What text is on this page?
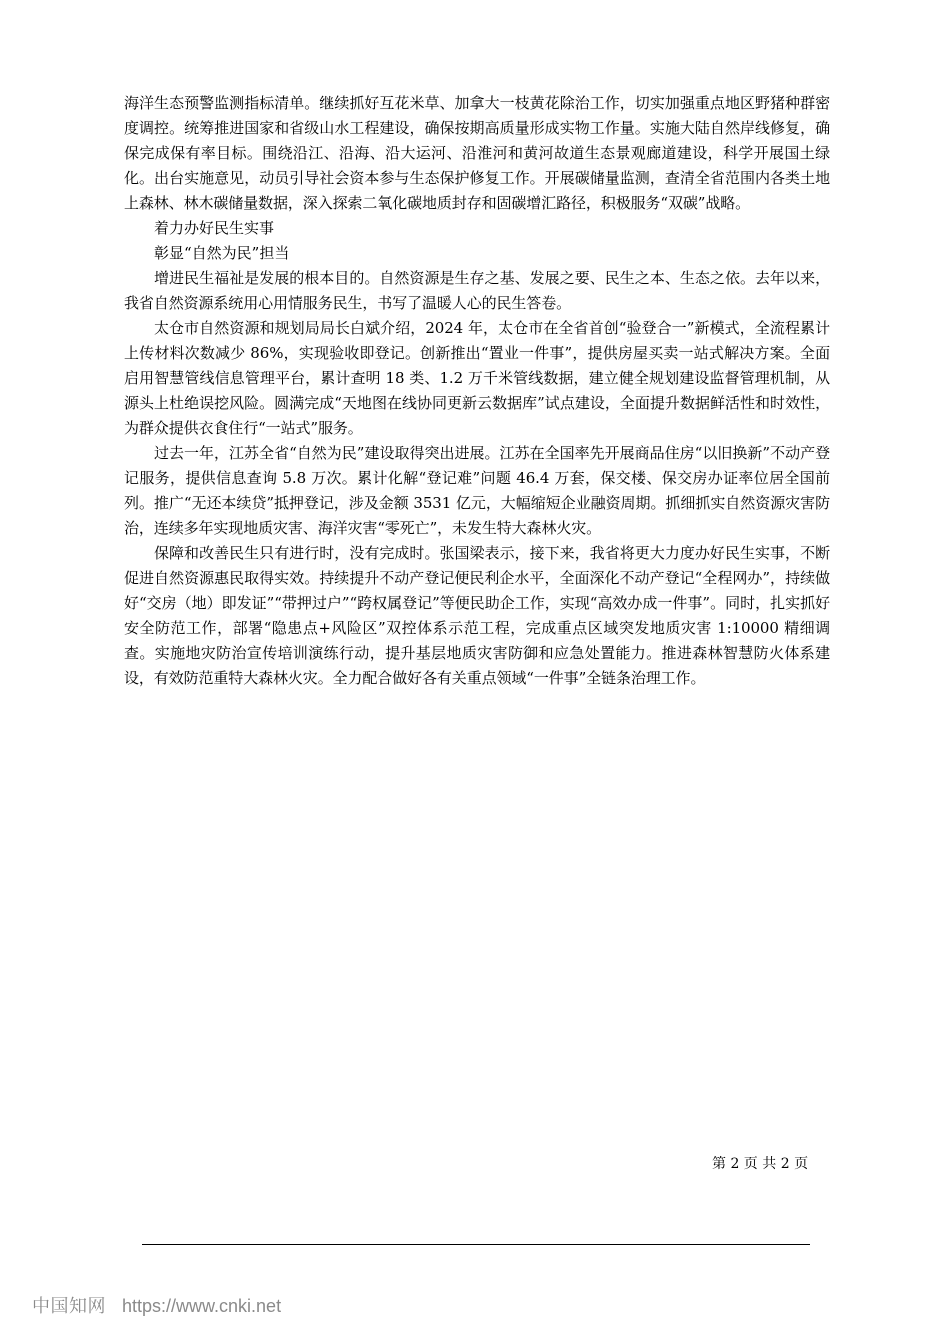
海洋生态预警监测指标清单。继续抓好互花米草、加拿大一枝黄花除治工作，切实加强重点地区野猪种群密度调控。统筹推进国家和省级山水工程建设，确保按期高质量形成实物工作量。实施大陆自然岸线修复，确保完成保有率目标。围绕沿江、沿海、沿大运河、沿淮河和黄河故道生态景观廊道建设，科学开展国土绿化。出台实施意见，动员引导社会资本参与生态保护修复工作。开展碳储量监测，查清全省范围内各类土地上森林、林木碳储量数据，深入探索二氧化碳地质封存和固碳增汇路径，积极服务“双碳”战略。

着力办好民生实事

彰显“自然为民”担当

增进民生福祉是发展的根本目的。自然资源是生存之基、发展之要、民生之本、生态之依。去年以来，我省自然资源系统用心用情服务民生，书写了温暖人心的民生答卷。

太仓市自然资源和规划局局长白斌介绍，2024 年，太仓市在全省首创“验登合一”新模式，全流程累计上传材料次数减少 86%，实现验收即登记。创新推出“置业一件事”，提供房屋买卖一站式解决方案。全面启用智慧管线信息管理平台，累计查明 18 类、1.2 万千米管线数据，建立健全规划建设监督管理机制，从源头上杜绝误挖风险。圆满完成“天地图在线协同更新云数据库”试点建设，全面提升数据鲜活性和时效性，为群众提供衣食住行“一站式”服务。

过去一年，江苏全省“自然为民”建设取得突出进展。江苏在全国率先开展商品住房“以旧换新”不动产登记服务，提供信息查询 5.8 万次。累计化解“登记难”问题 46.4 万套，保交楼、保交房办证率位居全国前列。推广“无还本续贷”抵押登记，涉及金额 3531 亿元，大幅缩短企业融资周期。抓细抓实自然资源灾害防治，连续多年实现地质灾害、海洋灾害“零死亡”，未发生特大森林火灾。

保障和改善民生只有进行时，没有完成时。张国梁表示，接下来，我省将更大力度办好民生实事，不断促进自然资源惠民取得实效。持续提升不动产登记便民利企水平，全面深化不动产登记“全程网办”，持续做好“交房（地）即发证”“带押过户”“跨权属登记”等便民助企工作，实现“高效办成一件事”。同时，扎实抓好安全防范工作，部署“隐患点+风险区”双控体系示范工程，完成重点区域突发地质灾害 1:10000 精细调查。实施地灾防治宣传培训演练行动，提升基层地质灾害防御和应急处置能力。推进森林智慧防火体系建设，有效防范重特大森林火灾。全力配合做好各有关重点领域“一件事”全链条治理工作。

第 2 页 共 2 页
中国知网 https://www.cnki.net
